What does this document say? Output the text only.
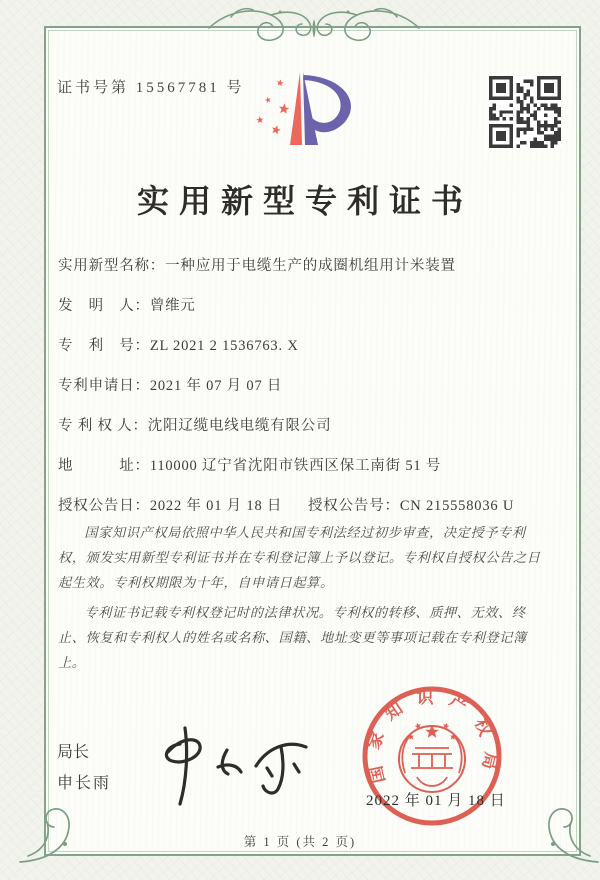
证书号第 15567781 号
实用新型专利证书
实用新型名称：一种应用于电缆生产的成圈机组用计米装置
发　明　人：曾维元
专　利　号：ZL 2021 2 1536763. X
专利申请日：2021 年 07 月 07 日
专 利 权 人：沈阳辽缆电线电缆有限公司
地　　　址：110000 辽宁省沈阳市铁西区保工南街 51 号
授权公告日：2022 年 01 月 18 日	授权公告号：CN 215558036 U

国家知识产权局依照中华人民共和国专利法经过初步审查，决定授予专利权，颁发实用新型专利证书并在专利登记簿上予以登记。专利权自授权公告之日起生效。专利权期限为十年，自申请日起算。

专利证书记载专利权登记时的法律状况。专利权的转移、质押、无效、终止、恢复和专利权人的姓名或名称、国籍、地址变更等事项记载在专利登记簿上。

局长
申长雨	国家知识产权局
2022 年 01 月 18 日
第 1 页 (共 2 页)
